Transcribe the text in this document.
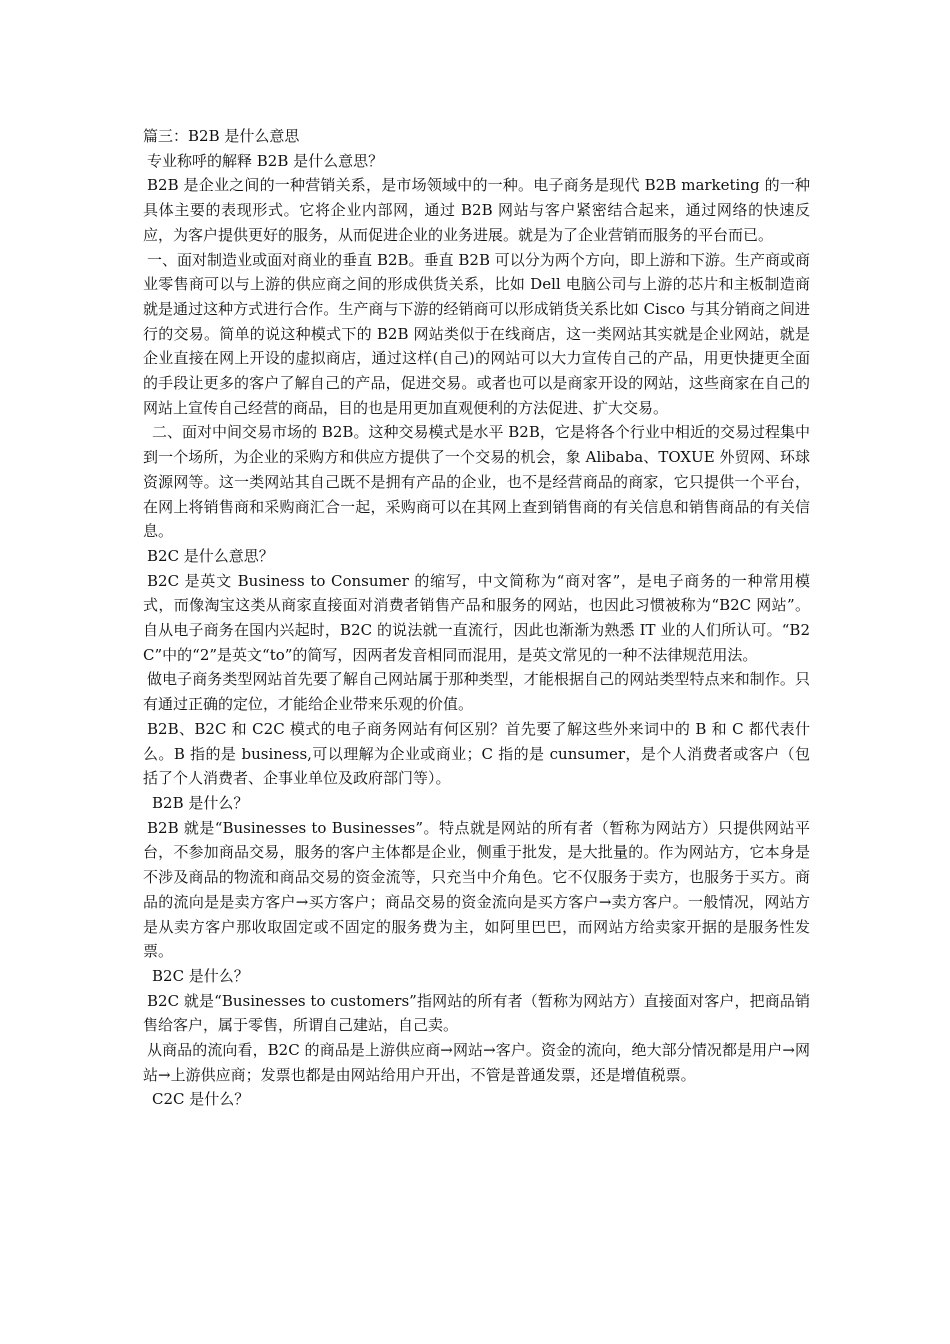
篇三：B2B 是什么意思

专业称呼的解释 B2B 是什么意思？

B2B 是企业之间的一种营销关系，是市场领域中的一种。电子商务是现代 B2B marketing 的一种具体主要的表现形式。它将企业内部网，通过 B2B 网站与客户紧密结合起来，通过网络的快速反应，为客户提供更好的服务，从而促进企业的业务进展。就是为了企业营销而服务的平台而已。

一、面对制造业或面对商业的垂直 B2B。垂直 B2B 可以分为两个方向，即上游和下游。生产商或商业零售商可以与上游的供应商之间的形成供货关系，比如 Dell 电脑公司与上游的芯片和主板制造商就是通过这种方式进行合作。生产商与下游的经销商可以形成销货关系比如 Cisco 与其分销商之间进行的交易。简单的说这种模式下的 B2B 网站类似于在线商店，这一类网站其实就是企业网站，就是企业直接在网上开设的虚拟商店，通过这样(自己)的网站可以大力宣传自己的产品，用更快捷更全面的手段让更多的客户了解自己的产品，促进交易。或者也可以是商家开设的网站，这些商家在自己的网站上宣传自己经营的商品，目的也是用更加直观便利的方法促进、扩大交易。

二、面对中间交易市场的 B2B。这种交易模式是水平 B2B，它是将各个行业中相近的交易过程集中到一个场所，为企业的采购方和供应方提供了一个交易的机会，象 Alibaba、TOXUE 外贸网、环球资源网等。这一类网站其自己既不是拥有产品的企业，也不是经营商品的商家，它只提供一个平台，在网上将销售商和采购商汇合一起，采购商可以在其网上查到销售商的有关信息和销售商品的有关信息。

B2C 是什么意思？

B2C 是英文 Business to Consumer 的缩写，中文简称为“商对客”，是电子商务的一种常用模式，而像淘宝这类从商家直接面对消费者销售产品和服务的网站，也因此习惯被称为“B2C 网站”。自从电子商务在国内兴起时，B2C 的说法就一直流行，因此也渐渐为熟悉 IT 业的人们所认可。“B2C”中的“2”是英文“to”的简写，因两者发音相同而混用，是英文常见的一种不法律规范用法。

做电子商务类型网站首先要了解自己网站属于那种类型，才能根据自己的网站类型特点来和制作。只有通过正确的定位，才能给企业带来乐观的价值。

B2B、B2C 和 C2C 模式的电子商务网站有何区别？首先要了解这些外来词中的 B 和 C 都代表什么。B 指的是 business,可以理解为企业或商业；C 指的是 cunsumer，是个人消费者或客户（包括了个人消费者、企事业单位及政府部门等）。

B2B 是什么？

B2B 就是“Businesses to Businesses”。特点就是网站的所有者（暂称为网站方）只提供网站平台，不参加商品交易，服务的客户主体都是企业，侧重于批发，是大批量的。作为网站方，它本身是不涉及商品的物流和商品交易的资金流等，只充当中介角色。它不仅服务于卖方，也服务于买方。商品的流向是是卖方客户→买方客户；商品交易的资金流向是买方客户→卖方客户。一般情况，网站方是从卖方客户那收取固定或不固定的服务费为主，如阿里巴巴，而网站方给卖家开据的是服务性发票。

B2C 是什么？

B2C 就是“Businesses to customers”指网站的所有者（暂称为网站方）直接面对客户，把商品销售给客户，属于零售，所谓自己建站，自己卖。

从商品的流向看，B2C 的商品是上游供应商→网站→客户。资金的流向，绝大部分情况都是用户→网站→上游供应商；发票也都是由网站给用户开出，不管是普通发票，还是增值税票。

C2C 是什么？
